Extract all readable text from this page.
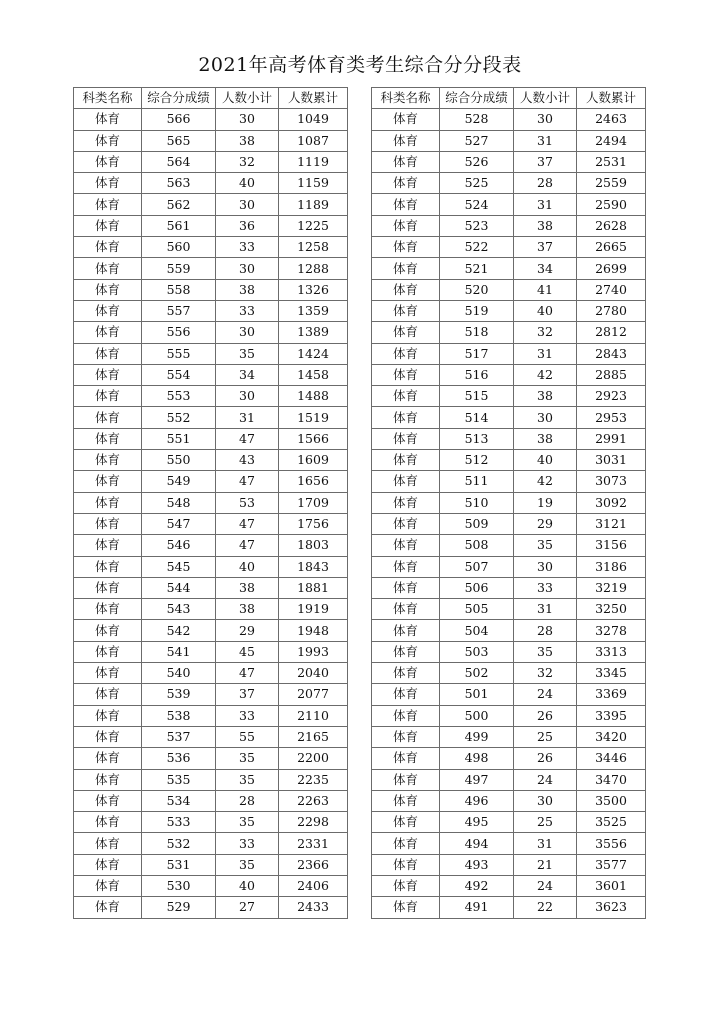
2021年高考体育类考生综合分分段表
科类名称	综合分成绩	人数小计	人数累计
体育	566	30	1049
体育	565	38	1087
体育	564	32	1119
体育	563	40	1159
体育	562	30	1189
体育	561	36	1225
体育	560	33	1258
体育	559	30	1288
体育	558	38	1326
体育	557	33	1359
体育	556	30	1389
体育	555	35	1424
体育	554	34	1458
体育	553	30	1488
体育	552	31	1519
体育	551	47	1566
体育	550	43	1609
体育	549	47	1656
体育	548	53	1709
体育	547	47	1756
体育	546	47	1803
体育	545	40	1843
体育	544	38	1881
体育	543	38	1919
体育	542	29	1948
体育	541	45	1993
体育	540	47	2040
体育	539	37	2077
体育	538	33	2110
体育	537	55	2165
体育	536	35	2200
体育	535	35	2235
体育	534	28	2263
体育	533	35	2298
体育	532	33	2331
体育	531	35	2366
体育	530	40	2406
体育	529	27	2433
科类名称	综合分成绩	人数小计	人数累计
体育	528	30	2463
体育	527	31	2494
体育	526	37	2531
体育	525	28	2559
体育	524	31	2590
体育	523	38	2628
体育	522	37	2665
体育	521	34	2699
体育	520	41	2740
体育	519	40	2780
体育	518	32	2812
体育	517	31	2843
体育	516	42	2885
体育	515	38	2923
体育	514	30	2953
体育	513	38	2991
体育	512	40	3031
体育	511	42	3073
体育	510	19	3092
体育	509	29	3121
体育	508	35	3156
体育	507	30	3186
体育	506	33	3219
体育	505	31	3250
体育	504	28	3278
体育	503	35	3313
体育	502	32	3345
体育	501	24	3369
体育	500	26	3395
体育	499	25	3420
体育	498	26	3446
体育	497	24	3470
体育	496	30	3500
体育	495	25	3525
体育	494	31	3556
体育	493	21	3577
体育	492	24	3601
体育	491	22	3623
